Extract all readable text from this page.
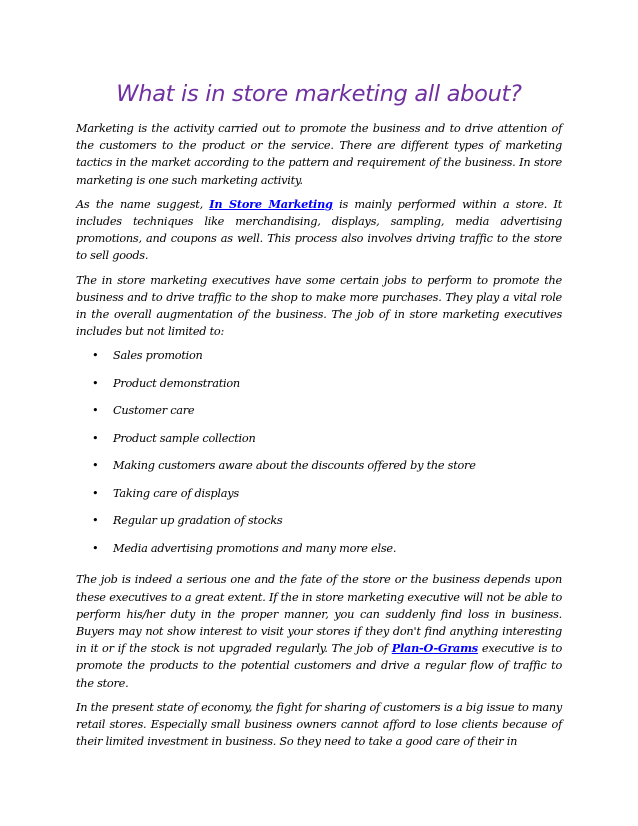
What is in store marketing all about?

Marketing is the activity carried out to promote the business and to drive attention of the customers to the product or the service. There are different types of marketing tactics in the market according to the pattern and requirement of the business. In store marketing is one such marketing activity.

As the name suggest, In Store Marketing is mainly performed within a store. It includes techniques like merchandising, displays, sampling, media advertising promotions, and coupons as well. This process also involves driving traffic to the store to sell goods.

The in store marketing executives have some certain jobs to perform to promote the business and to drive traffic to the shop to make more purchases. They play a vital role in the overall augmentation of the business. The job of in store marketing executives includes but not limited to:

• Sales promotion
• Product demonstration
• Customer care
• Product sample collection
• Making customers aware about the discounts offered by the store
• Taking care of displays
• Regular up gradation of stocks
• Media advertising promotions and many more else.

The job is indeed a serious one and the fate of the store or the business depends upon these executives to a great extent. If the in store marketing executive will not be able to perform his/her duty in the proper manner, you can suddenly find loss in business. Buyers may not show interest to visit your stores if they don't find anything interesting in it or if the stock is not upgraded regularly. The job of Plan-O-Grams executive is to promote the products to the potential customers and drive a regular flow of traffic to the store.

In the present state of economy, the fight for sharing of customers is a big issue to many retail stores. Especially small business owners cannot afford to lose clients because of their limited investment in business. So they need to take a good care of their in
